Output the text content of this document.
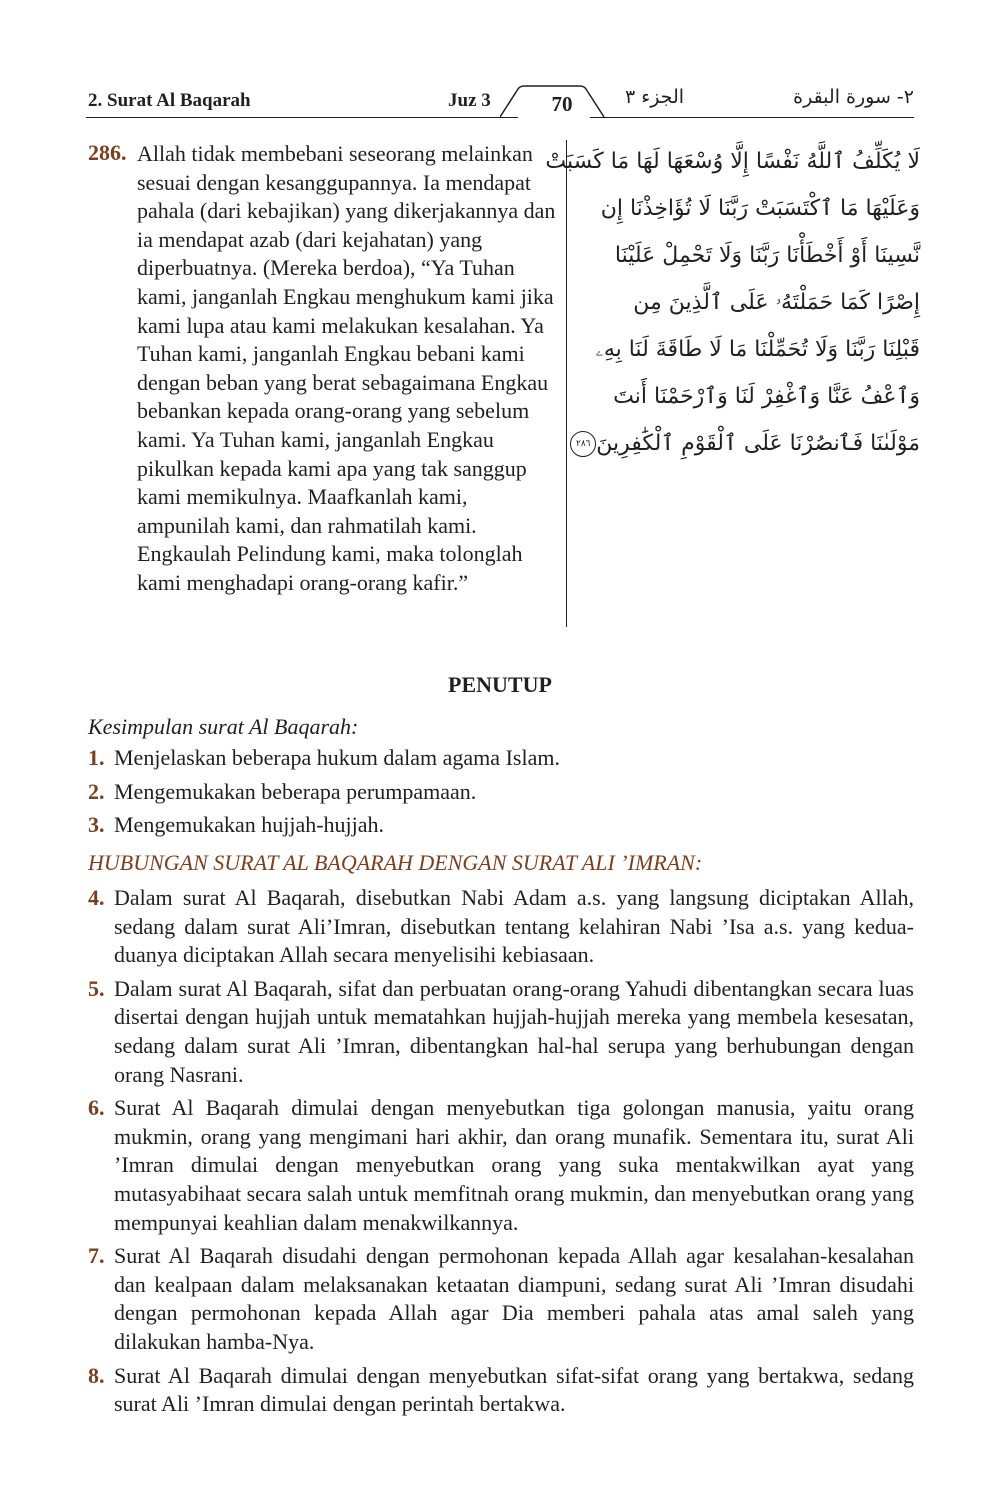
2. Surat Al Baqarah	Juz 3	70	الجزء ٣	٢- سورة البقرة
286. Allah tidak membebani seseorang melainkan sesuai dengan kesanggupannya. Ia mendapat pahala (dari kebajikan) yang dikerjakannya dan ia mendapat azab (dari kejahatan) yang diperbuatnya. (Mereka berdoa), “Ya Tuhan kami, janganlah Engkau menghukum kami jika kami lupa atau kami melakukan kesalahan. Ya Tuhan kami, janganlah Engkau bebani kami dengan beban yang berat sebagaimana Engkau bebankan kepada orang-orang yang sebelum kami. Ya Tuhan kami, janganlah Engkau pikulkan kepada kami apa yang tak sanggup kami memikulnya. Maafkanlah kami, ampunilah kami, dan rahmatilah kami. Engkaulah Pelindung kami, maka tolonglah kami menghadapi orang-orang kafir.”
لَا يُكَلِّفُ ٱللَّهُ نَفْسًا إِلَّا وُسْعَهَا لَهَا مَا كَسَبَتْ
وَعَلَيْهَا مَا ٱكْتَسَبَتْ رَبَّنَا لَا تُؤَاخِذْنَا إِن
نَّسِينَا أَوْ أَخْطَأْنَا رَبَّنَا وَلَا تَحْمِلْ عَلَيْنَا
إِصْرًا كَمَا حَمَلْتَهُۥ عَلَى ٱلَّذِينَ مِن
قَبْلِنَا رَبَّنَا وَلَا تُحَمِّلْنَا مَا لَا طَاقَةَ لَنَا بِهِۦ
وَٱعْفُ عَنَّا وَٱغْفِرْ لَنَا وَٱرْحَمْنَا أَنتَ
مَوْلَىٰنَا فَٱنصُرْنَا عَلَى ٱلْقَوْمِ ٱلْكَٰفِرِينَ٢٨٦
PENUTUP
Kesimpulan surat Al Baqarah:
1. Menjelaskan beberapa hukum dalam agama Islam.
2. Mengemukakan beberapa perumpamaan.
3. Mengemukakan hujjah-hujjah.
HUBUNGAN SURAT AL BAQARAH DENGAN SURAT ALI ’IMRAN:
4. Dalam surat Al Baqarah, disebutkan Nabi Adam a.s. yang langsung diciptakan Allah, sedang dalam surat Ali’Imran, disebutkan tentang kelahiran Nabi ’Isa a.s. yang kedua-duanya diciptakan Allah secara menyelisihi kebiasaan.
5. Dalam surat Al Baqarah, sifat dan perbuatan orang-orang Yahudi dibentangkan secara luas disertai dengan hujjah untuk mematahkan hujjah-hujjah mereka yang membela kesesatan, sedang dalam surat Ali ’Imran, dibentangkan hal-hal serupa yang berhubungan dengan orang Nasrani.
6. Surat Al Baqarah dimulai dengan menyebutkan tiga golongan manusia, yaitu orang mukmin, orang yang mengimani hari akhir, dan orang munafik. Sementara itu, surat Ali ’Imran dimulai dengan menyebutkan orang yang suka mentakwilkan ayat yang mutasyabihaat secara salah untuk memfitnah orang mukmin, dan menyebutkan orang yang mempunyai keahlian dalam menakwilkannya.
7. Surat Al Baqarah disudahi dengan permohonan kepada Allah agar kesalahan-kesalahan dan kealpaan dalam melaksanakan ketaatan diampuni, sedang surat Ali ’Imran disudahi dengan permohonan kepada Allah agar Dia memberi pahala atas amal saleh yang dilakukan hamba-Nya.
8. Surat Al Baqarah dimulai dengan menyebutkan sifat-sifat orang yang bertakwa, sedang surat Ali ’Imran dimulai dengan perintah bertakwa.
